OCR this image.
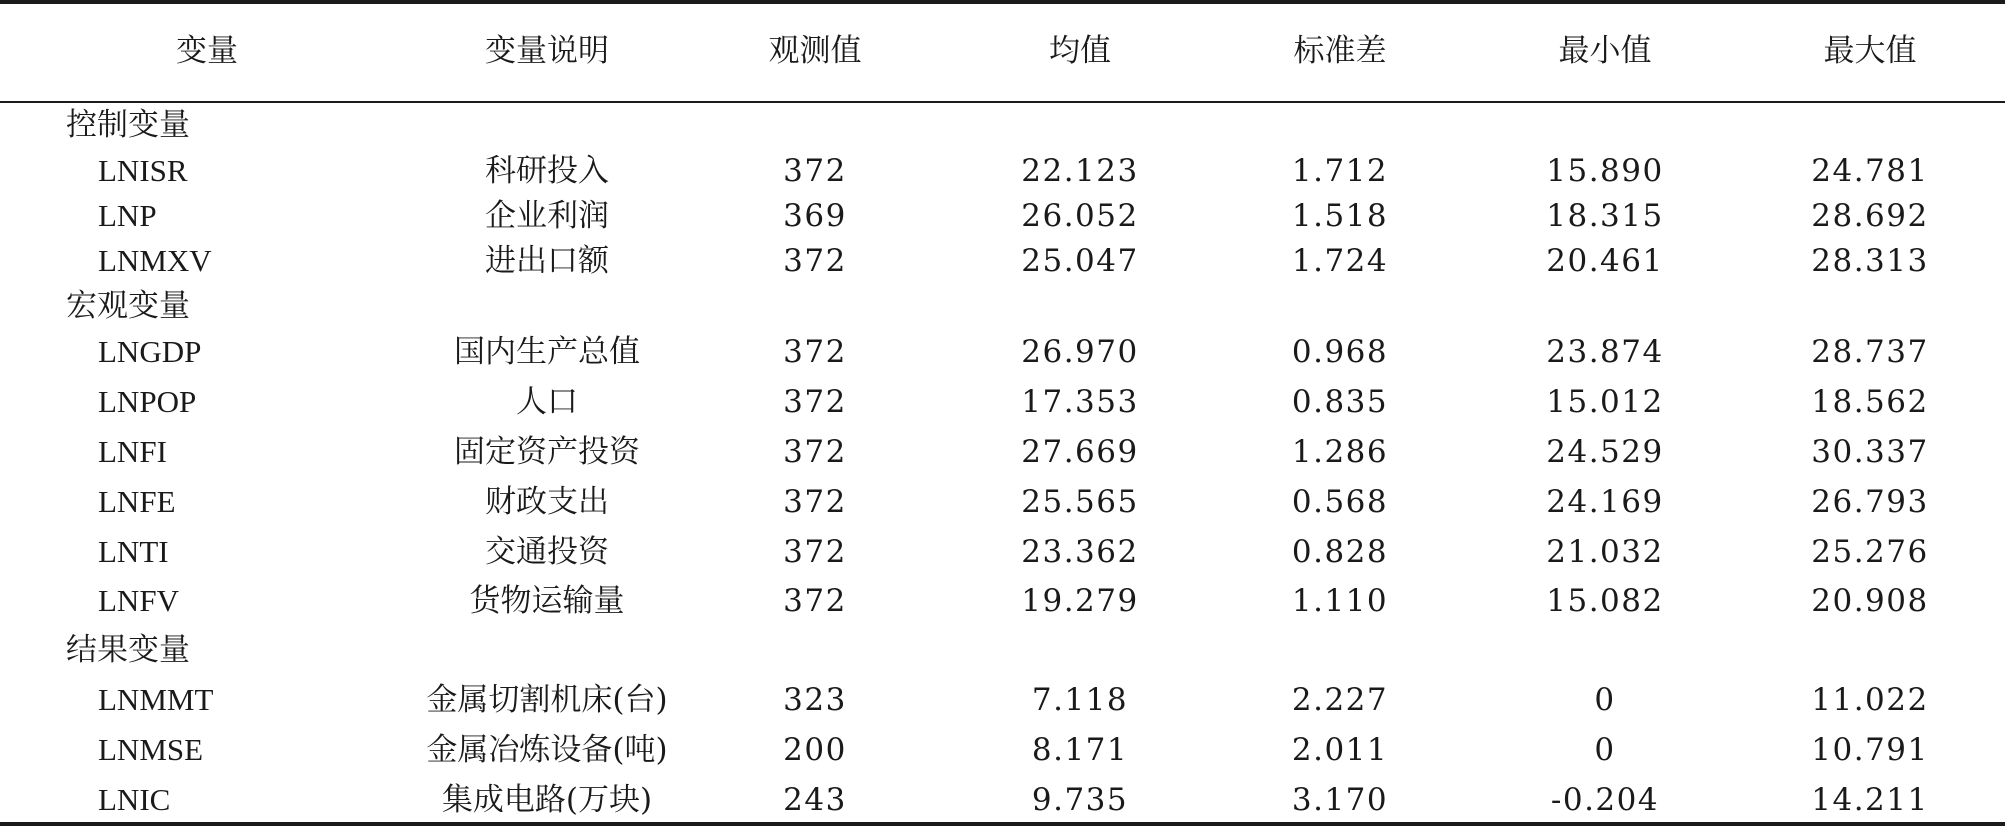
变量	变量说明	观测值	均值	标准差	最小值	最大值
控制变量
LNISR	科研投入	372	22.123	1.712	15.890	24.781
LNP	企业利润	369	26.052	1.518	18.315	28.692
LNMXV	进出口额	372	25.047	1.724	20.461	28.313
宏观变量
LNGDP	国内生产总值	372	26.970	0.968	23.874	28.737
LNPOP	人口	372	17.353	0.835	15.012	18.562
LNFI	固定资产投资	372	27.669	1.286	24.529	30.337
LNFE	财政支出	372	25.565	0.568	24.169	26.793
LNTI	交通投资	372	23.362	0.828	21.032	25.276
LNFV	货物运输量	372	19.279	1.110	15.082	20.908
结果变量
LNMMT	金属切割机床(台)	323	7.118	2.227	0	11.022
LNMSE	金属冶炼设备(吨)	200	8.171	2.011	0	10.791
LNIC	集成电路(万块)	243	9.735	3.170	-0.204	14.211
